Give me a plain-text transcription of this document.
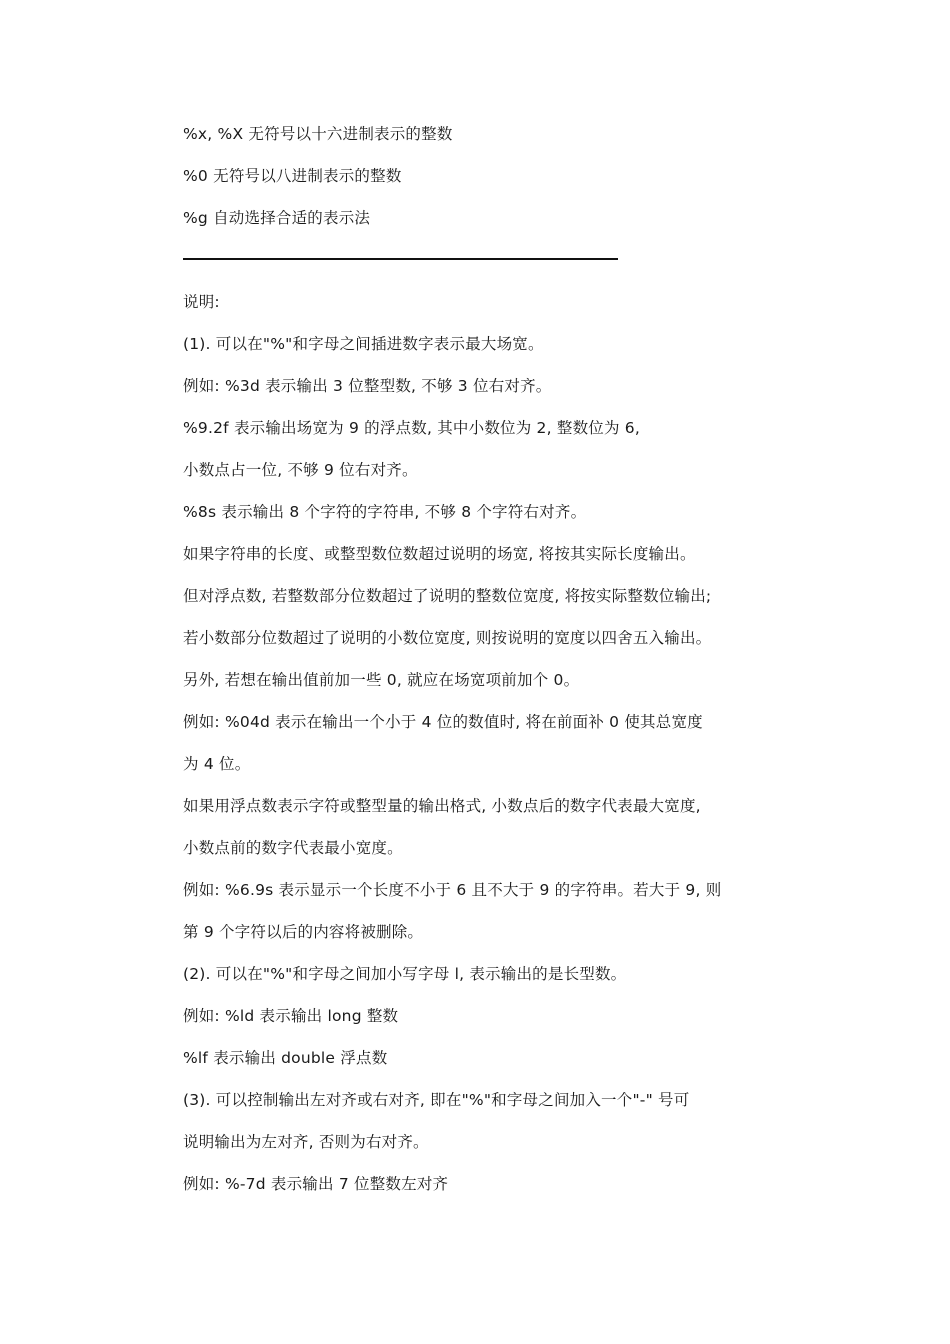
%x, %X 无符号以十六进制表示的整数
%0 无符号以八进制表示的整数
%g 自动选择合适的表示法
说明:
(1). 可以在"%"和字母之间插进数字表示最大场宽。
例如: %3d 表示输出 3 位整型数, 不够 3 位右对齐。
%9.2f 表示输出场宽为 9 的浮点数, 其中小数位为 2, 整数位为 6,
小数点占一位, 不够 9 位右对齐。
%8s 表示输出 8 个字符的字符串, 不够 8 个字符右对齐。
如果字符串的长度、或整型数位数超过说明的场宽, 将按其实际长度输出。
但对浮点数, 若整数部分位数超过了说明的整数位宽度, 将按实际整数位输出;
若小数部分位数超过了说明的小数位宽度, 则按说明的宽度以四舍五入输出。
另外, 若想在输出值前加一些 0, 就应在场宽项前加个 0。
例如: %04d 表示在输出一个小于 4 位的数值时, 将在前面补 0 使其总宽度
为 4 位。
如果用浮点数表示字符或整型量的输出格式, 小数点后的数字代表最大宽度,
小数点前的数字代表最小宽度。
例如: %6.9s 表示显示一个长度不小于 6 且不大于 9 的字符串。若大于 9, 则
第 9 个字符以后的内容将被删除。
(2). 可以在"%"和字母之间加小写字母 l, 表示输出的是长型数。
例如: %ld 表示输出 long 整数
%lf 表示输出 double 浮点数
(3). 可以控制输出左对齐或右对齐, 即在"%"和字母之间加入一个"-" 号可
说明输出为左对齐, 否则为右对齐。
例如: %-7d 表示输出 7 位整数左对齐
